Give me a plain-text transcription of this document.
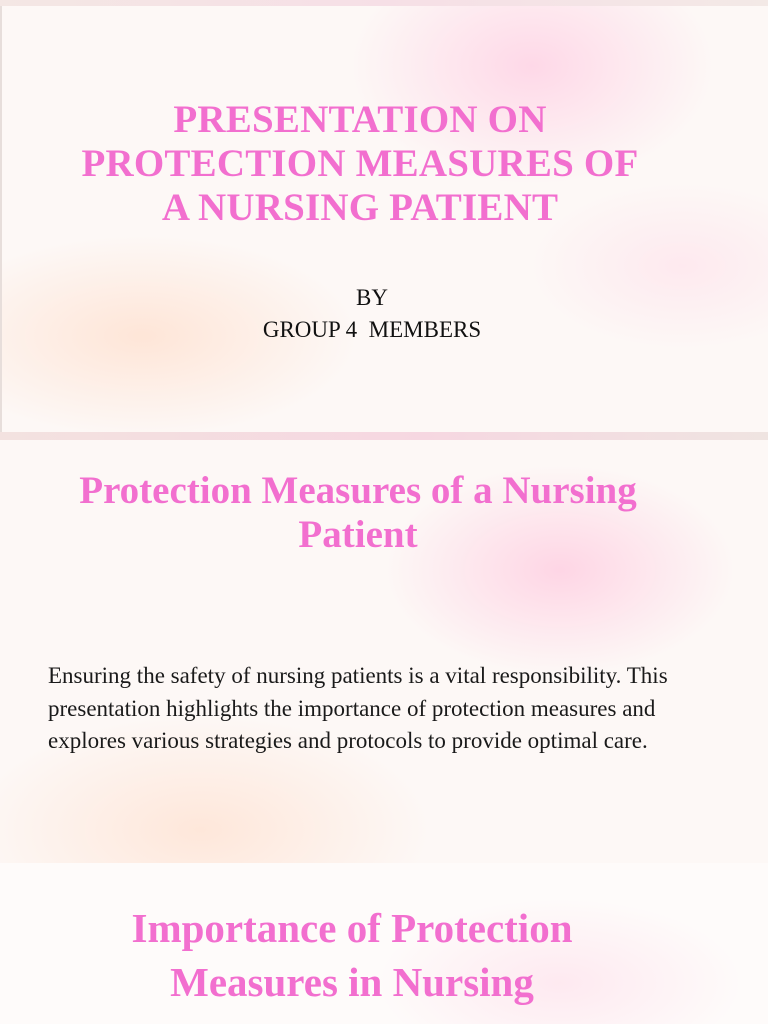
PRESENTATION ON
PROTECTION MEASURES OF
A NURSING PATIENT
BY
GROUP 4  MEMBERS
Protection Measures of a Nursing
Patient

Ensuring the safety of nursing patients is a vital responsibility. This presentation highlights the importance of protection measures and explores various strategies and protocols to provide optimal care.

Importance of Protection
Measures in Nursing
